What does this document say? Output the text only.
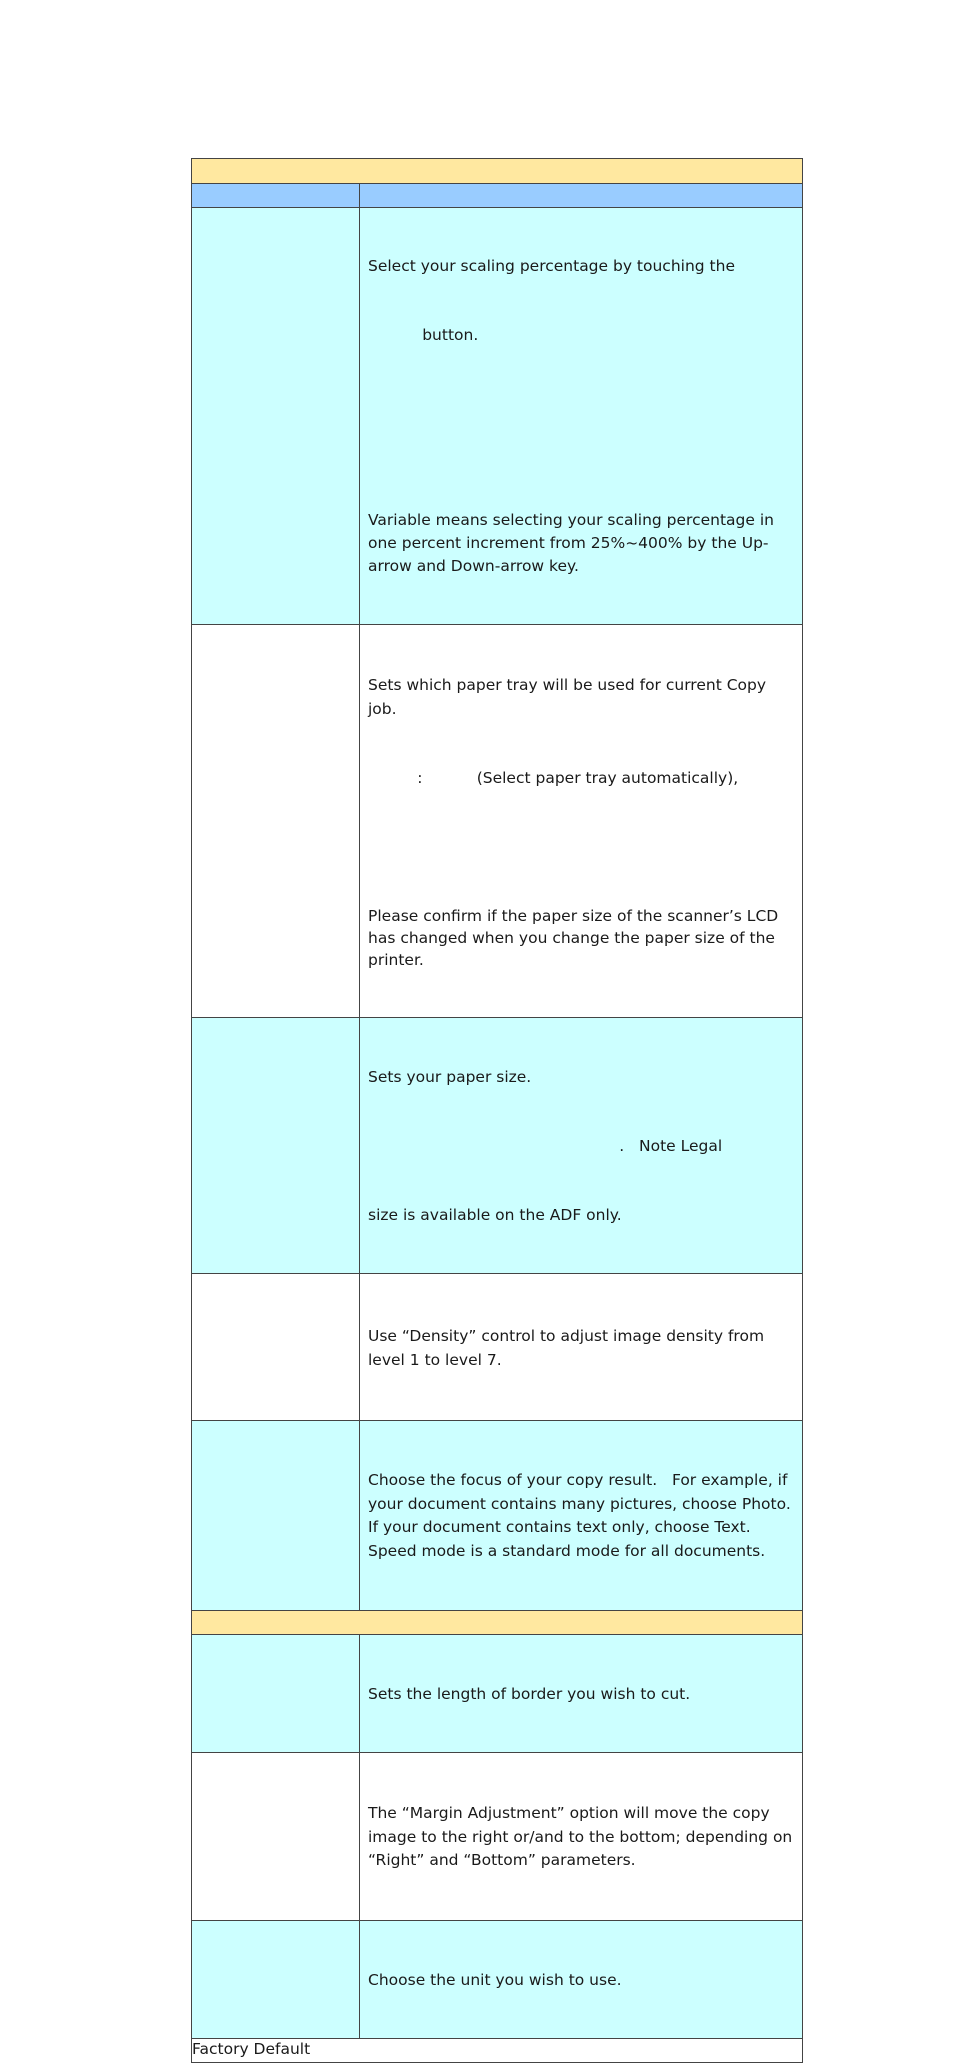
	Select your scaling percentage by touching the

button.

Variable means selecting your scaling percentage in one percent increment from 25%~400% by the Up-arrow and Down-arrow key.

	Sets which paper tray will be used for current Copy job.

:           (Select paper tray automatically),

Please confirm if the paper size of the scanner’s LCD has changed when you change the paper size of the printer.

	Sets your paper size.

.   Note Legal

size is available on the ADF only.

	Use “Density” control to adjust image density from level 1 to level 7.

	Choose the focus of your copy result.   For example, if your document contains many pictures, choose Photo. If your document contains text only, choose Text. Speed mode is a standard mode for all documents.

	Sets the length of border you wish to cut.

	The “Margin Adjustment” option will move the copy image to the right or/and to the bottom; depending on “Right” and “Bottom” parameters.

	Choose the unit you wish to use.

Factory Default	
